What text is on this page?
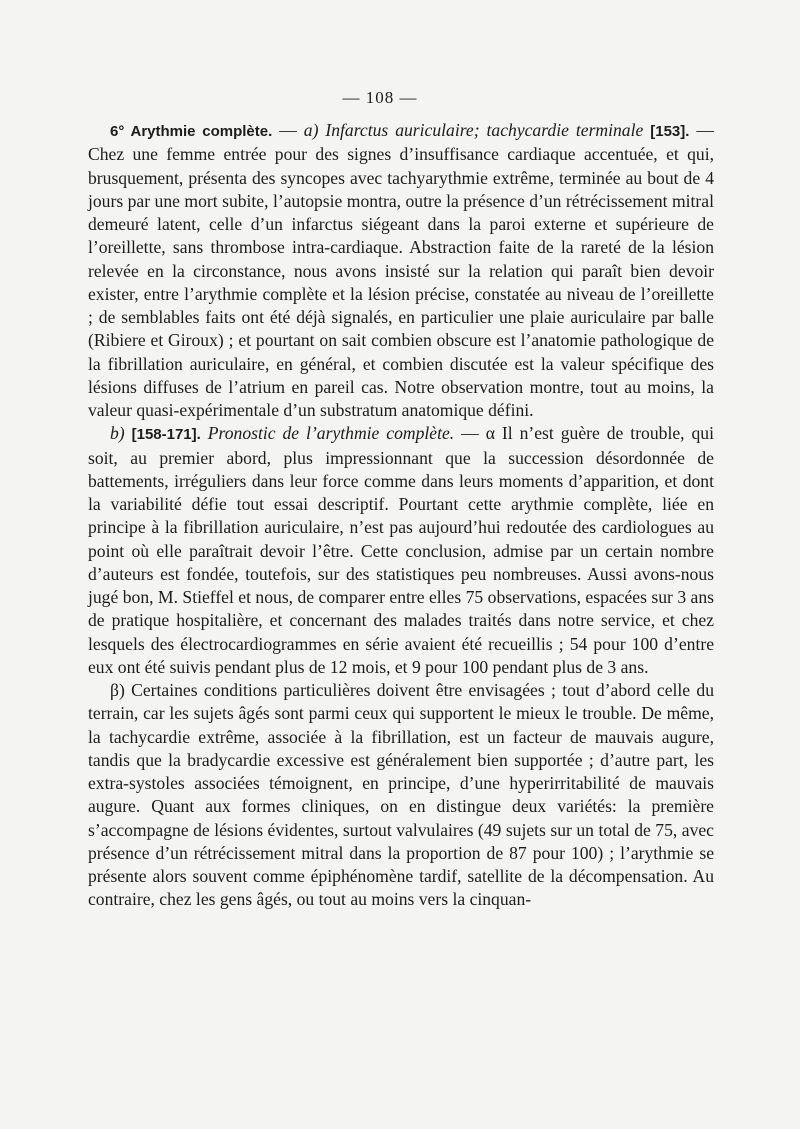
— 108 —

6° Arythmie complète. — a) Infarctus auriculaire; tachycardie terminale [153]. — Chez une femme entrée pour des signes d’insuffisance cardiaque accentuée, et qui, brusquement, présenta des syncopes avec tachyarythmie extrême, terminée au bout de 4 jours par une mort subite, l’autopsie montra, outre la présence d’un rétrécissement mitral demeuré latent, celle d’un infarctus siégeant dans la paroi externe et supérieure de l’oreillette, sans thrombose intra-cardiaque. Abstraction faite de la rareté de la lésion relevée en la circonstance, nous avons insisté sur la relation qui paraît bien devoir exister, entre l’arythmie complète et la lésion précise, constatée au niveau de l’oreillette ; de semblables faits ont été déjà signalés, en particulier une plaie auriculaire par balle (Ribiere et Giroux) ; et pourtant on sait combien obscure est l’anatomie pathologique de la fibrillation auriculaire, en général, et combien discutée est la valeur spécifique des lésions diffuses de l’atrium en pareil cas. Notre observation montre, tout au moins, la valeur quasi-expérimentale d’un substratum anatomique défini.

b) [158-171]. Pronostic de l’arythmie complète. — α Il n’est guère de trouble, qui soit, au premier abord, plus impressionnant que la succession désordonnée de battements, irréguliers dans leur force comme dans leurs moments d’apparition, et dont la variabilité défie tout essai descriptif. Pourtant cette arythmie complète, liée en principe à la fibrillation auriculaire, n’est pas aujourd’hui redoutée des cardiologues au point où elle paraîtrait devoir l’être. Cette conclusion, admise par un certain nombre d’auteurs est fondée, toutefois, sur des statistiques peu nombreuses. Aussi avons-nous jugé bon, M. Stieffel et nous, de comparer entre elles 75 observations, espacées sur 3 ans de pratique hospitalière, et concernant des malades traités dans notre service, et chez lesquels des électrocardiogrammes en série avaient été recueillis ; 54 pour 100 d’entre eux ont été suivis pendant plus de 12 mois, et 9 pour 100 pendant plus de 3 ans.

β) Certaines conditions particulières doivent être envisagées ; tout d’abord celle du terrain, car les sujets âgés sont parmi ceux qui supportent le mieux le trouble. De même, la tachycardie extrême, associée à la fibrillation, est un facteur de mauvais augure, tandis que la bradycardie excessive est généralement bien supportée ; d’autre part, les extra-systoles associées témoignent, en principe, d’une hyperirritabilité de mauvais augure. Quant aux formes cliniques, on en distingue deux variétés: la première s’accompagne de lésions évidentes, surtout valvulaires (49 sujets sur un total de 75, avec présence d’un rétrécissement mitral dans la proportion de 87 pour 100) ; l’arythmie se présente alors souvent comme épiphénomène tardif, satellite de la décompensation. Au contraire, chez les gens âgés, ou tout au moins vers la cinquan-
